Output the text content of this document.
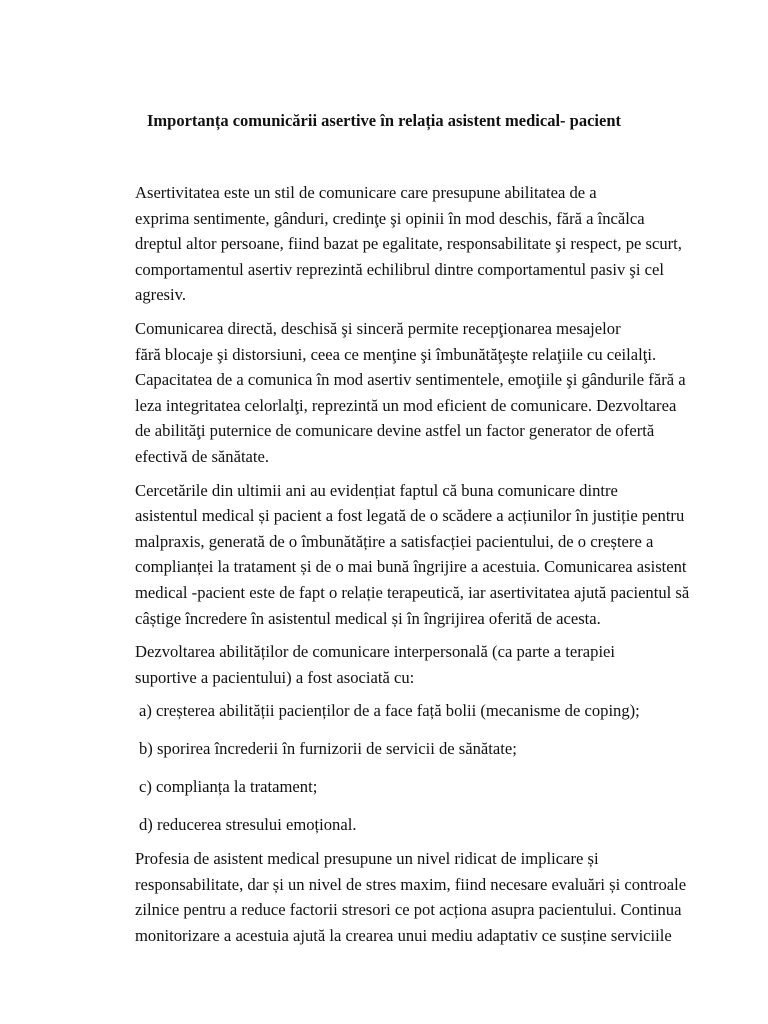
Importanța comunicării asertive în relația asistent medical- pacient

Asertivitatea este un stil de comunicare care presupune abilitatea de a
exprima sentimente, gânduri, credinţe şi opinii în mod deschis, fără a încălca
dreptul altor persoane, fiind bazat pe egalitate, responsabilitate şi respect, pe scurt,
comportamentul asertiv reprezintă echilibrul dintre comportamentul pasiv şi cel
agresiv.

Comunicarea directă, deschisă şi sinceră permite recepţionarea mesajelor
fără blocaje şi distorsiuni, ceea ce menţine şi îmbunătăţeşte relaţiile cu ceilalţi.
Capacitatea de a comunica în mod asertiv sentimentele, emoţiile şi gândurile fără a
leza integritatea celorlalţi, reprezintă un mod eficient de comunicare. Dezvoltarea
de abilităţi puternice de comunicare devine astfel un factor generator de ofertă
efectivă de sănătate.

Cercetările din ultimii ani au evidențiat faptul că buna comunicare dintre
asistentul medical și pacient a fost legată de o scădere a acțiunilor în justiție pentru
malpraxis, generată de o îmbunătățire a satisfacției pacientului, de o creștere a
complianței la tratament și de o mai bună îngrijire a acestuia. Comunicarea asistent
medical -pacient este de fapt o relație terapeutică, iar asertivitatea ajută pacientul să
câștige încredere în asistentul medical și în îngrijirea oferită de acesta.

Dezvoltarea abilităților de comunicare interpersonală (ca parte a terapiei
suportive a pacientului) a fost asociată cu:

a) creșterea abilității pacienților de a face față bolii (mecanisme de coping);
b) sporirea încrederii în furnizorii de servicii de sănătate;
c) complianța la tratament;
d) reducerea stresului emoțional.

Profesia de asistent medical presupune un nivel ridicat de implicare și
responsabilitate, dar și un nivel de stres maxim, fiind necesare evaluări și controale
zilnice pentru a reduce factorii stresori ce pot acționa asupra pacientului. Continua
monitorizare a acestuia ajută la crearea unui mediu adaptativ ce susține serviciile
